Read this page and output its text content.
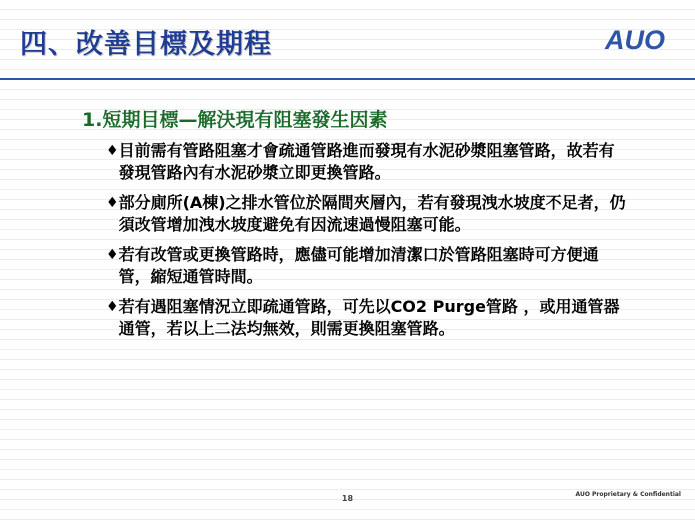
四、改善目標及期程	AUO
1.短期目標—解決現有阻塞發生因素
♦ 目前需有管路阻塞才會疏通管路進而發現有水泥砂漿阻塞管路，故若有發現管路內有水泥砂漿立即更換管路。
♦ 部分廁所(A棟)之排水管位於隔間夾層內，若有發現洩水坡度不足者，仍須改管增加洩水坡度避免有因流速過慢阻塞可能。
♦ 若有改管或更換管路時，應儘可能增加清潔口於管路阻塞時可方便通管，縮短通管時間。
♦ 若有遇阻塞情況立即疏通管路，可先以CO2 Purge管路 ，或用通管器通管，若以上二法均無效，則需更換阻塞管路。
18	AUO Proprietary & Confidential
